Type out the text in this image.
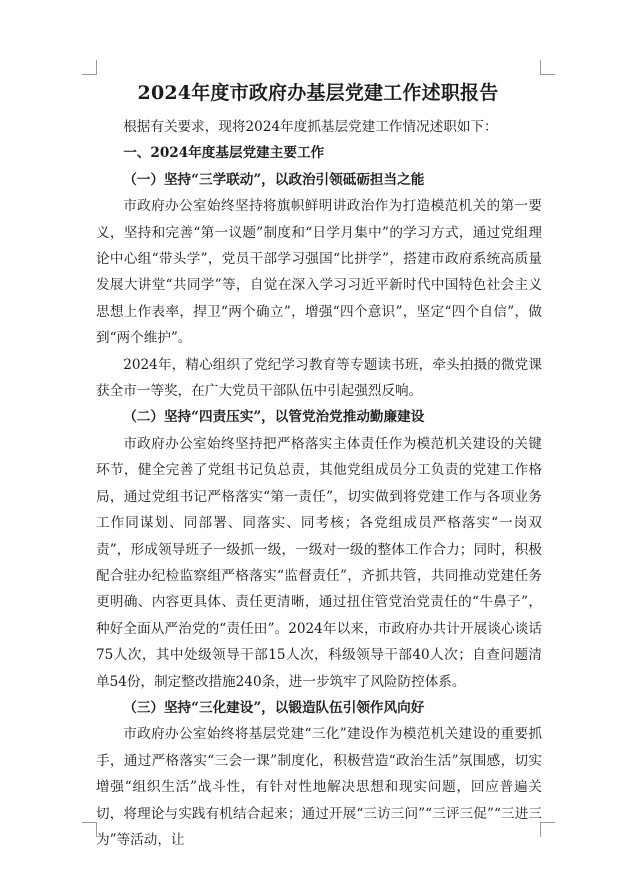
2024年度市政府办基层党建工作述职报告

根据有关要求，现将2024年度抓基层党建工作情况述职如下：

一、2024年度基层党建主要工作

（一）坚持“三学联动”，以政治引领砥砺担当之能

市政府办公室始终坚持将旗帜鲜明讲政治作为打造模范机关的第一要义，坚持和完善“第一议题”制度和“日学月集中”的学习方式，通过党组理论中心组“带头学”，党员干部学习强国“比拼学”，搭建市政府系统高质量发展大讲堂“共同学”等，自觉在深入学习习近平新时代中国特色社会主义思想上作表率，捍卫“两个确立”，增强“四个意识”，坚定“四个自信”，做到“两个维护”。

2024年，精心组织了党纪学习教育等专题读书班，牵头拍摄的微党课获全市一等奖，在广大党员干部队伍中引起强烈反响。

（二）坚持“四责压实”，以管党治党推动勤廉建设

市政府办公室始终坚持把严格落实主体责任作为模范机关建设的关键环节，健全完善了党组书记负总责，其他党组成员分工负责的党建工作格局，通过党组书记严格落实“第一责任”，切实做到将党建工作与各项业务工作同谋划、同部署、同落实、同考核；各党组成员严格落实“一岗双责”，形成领导班子一级抓一级，一级对一级的整体工作合力；同时，积极配合驻办纪检监察组严格落实“监督责任”，齐抓共管，共同推动党建任务更明确、内容更具体、责任更清晰，通过扭住管党治党责任的“牛鼻子”，种好全面从严治党的“责任田”。2024年以来，市政府办共计开展谈心谈话75人次，其中处级领导干部15人次，科级领导干部40人次；自查问题清单54份，制定整改措施240条，进一步筑牢了风险防控体系。

（三）坚持“三化建设”，以锻造队伍引领作风向好

市政府办公室始终将基层党建“三化”建设作为模范机关建设的重要抓手，通过严格落实“三会一课”制度化，积极营造“政治生活”氛围感，切实增强“组织生活”战斗性，有针对性地解决思想和现实问题，回应普遍关切，将理论与实践有机结合起来；通过开展“三访三问”“三评三促”“三进三为”等活动，让
